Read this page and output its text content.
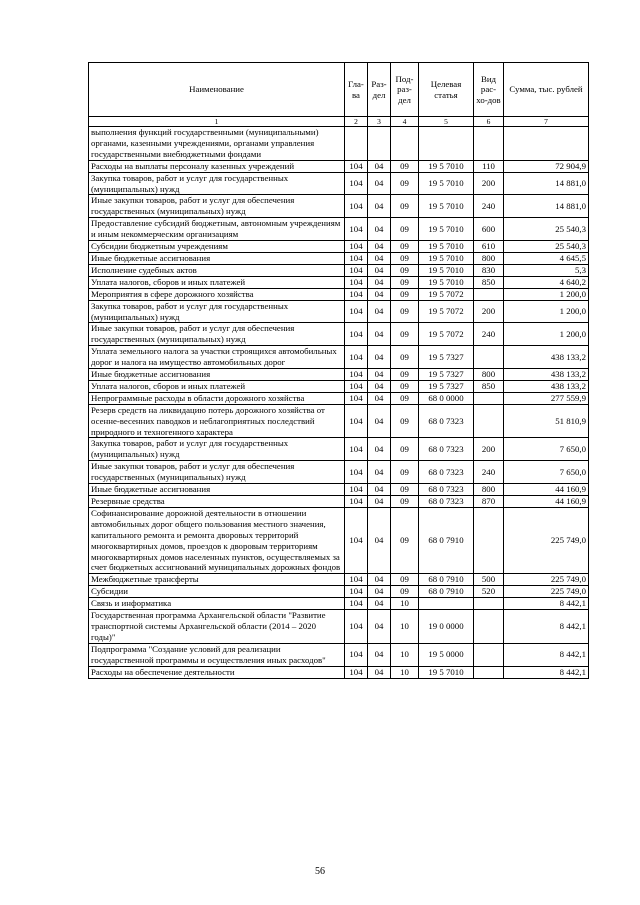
Наименование	Гла-ва	Раз-дел	Под-раз-дел	Целевая статья	Вид рас-хо-дов	Сумма, тыс. рублей
1	2	3	4	5	6	7
выполнения функций государственными (муниципальными) органами, казенными учреждениями, органами управления государственными внебюджетными фондами						
Расходы на выплаты персоналу казенных учреждений	104	04	09	19 5 7010	110	72 904,9
Закупка товаров, работ и услуг для государственных (муниципальных) нужд	104	04	09	19 5 7010	200	14 881,0
Иные закупки товаров, работ и услуг для обеспечения государственных (муниципальных) нужд	104	04	09	19 5 7010	240	14 881,0
Предоставление субсидий бюджетным, автономным учреждениям и иным некоммерческим организациям	104	04	09	19 5 7010	600	25 540,3
Субсидии бюджетным учреждениям	104	04	09	19 5 7010	610	25 540,3
Иные бюджетные ассигнования	104	04	09	19 5 7010	800	4 645,5
Исполнение судебных актов	104	04	09	19 5 7010	830	5,3
Уплата налогов, сборов и иных платежей	104	04	09	19 5 7010	850	4 640,2
Мероприятия в сфере дорожного хозяйства	104	04	09	19 5 7072		1 200,0
Закупка товаров, работ и услуг для государственных (муниципальных) нужд	104	04	09	19 5 7072	200	1 200,0
Иные закупки товаров, работ и услуг для обеспечения государственных (муниципальных) нужд	104	04	09	19 5 7072	240	1 200,0
Уплата земельного налога за участки строящихся автомобильных дорог и налога на имущество автомобильных дорог	104	04	09	19 5 7327		438 133,2
Иные бюджетные ассигнования	104	04	09	19 5 7327	800	438 133,2
Уплата налогов, сборов и иных платежей	104	04	09	19 5 7327	850	438 133,2
Непрограммные расходы в области дорожного хозяйства	104	04	09	68 0 0000		277 559,9
Резерв средств на ликвидацию потерь дорожного хозяйства от осенне-весенних паводков и неблагоприятных последствий природного и техногенного характера	104	04	09	68 0 7323		51 810,9
Закупка товаров, работ и услуг для государственных (муниципальных) нужд	104	04	09	68 0 7323	200	7 650,0
Иные закупки товаров, работ и услуг для обеспечения государственных (муниципальных) нужд	104	04	09	68 0 7323	240	7 650,0
Иные бюджетные ассигнования	104	04	09	68 0 7323	800	44 160,9
Резервные средства	104	04	09	68 0 7323	870	44 160,9
Софинансирование дорожной деятельности в отношении автомобильных дорог общего пользования местного значения, капитального ремонта и ремонта дворовых территорий многоквартирных домов, проездов к дворовым территориям многоквартирных домов населенных пунктов, осуществляемых за счет бюджетных ассигнований муниципальных дорожных фондов	104	04	09	68 0 7910		225 749,0
Межбюджетные трансферты	104	04	09	68 0 7910	500	225 749,0
Субсидии	104	04	09	68 0 7910	520	225 749,0
Связь и информатика	104	04	10			8 442,1
Государственная программа Архангельской области "Развитие транспортной системы Архангельской области (2014 – 2020 годы)"	104	04	10	19 0 0000		8 442,1
Подпрограмма "Создание условий для реализации государственной программы и осуществления иных расходов"	104	04	10	19 5 0000		8 442,1
Расходы на обеспечение деятельности	104	04	10	19 5 7010		8 442,1
56
